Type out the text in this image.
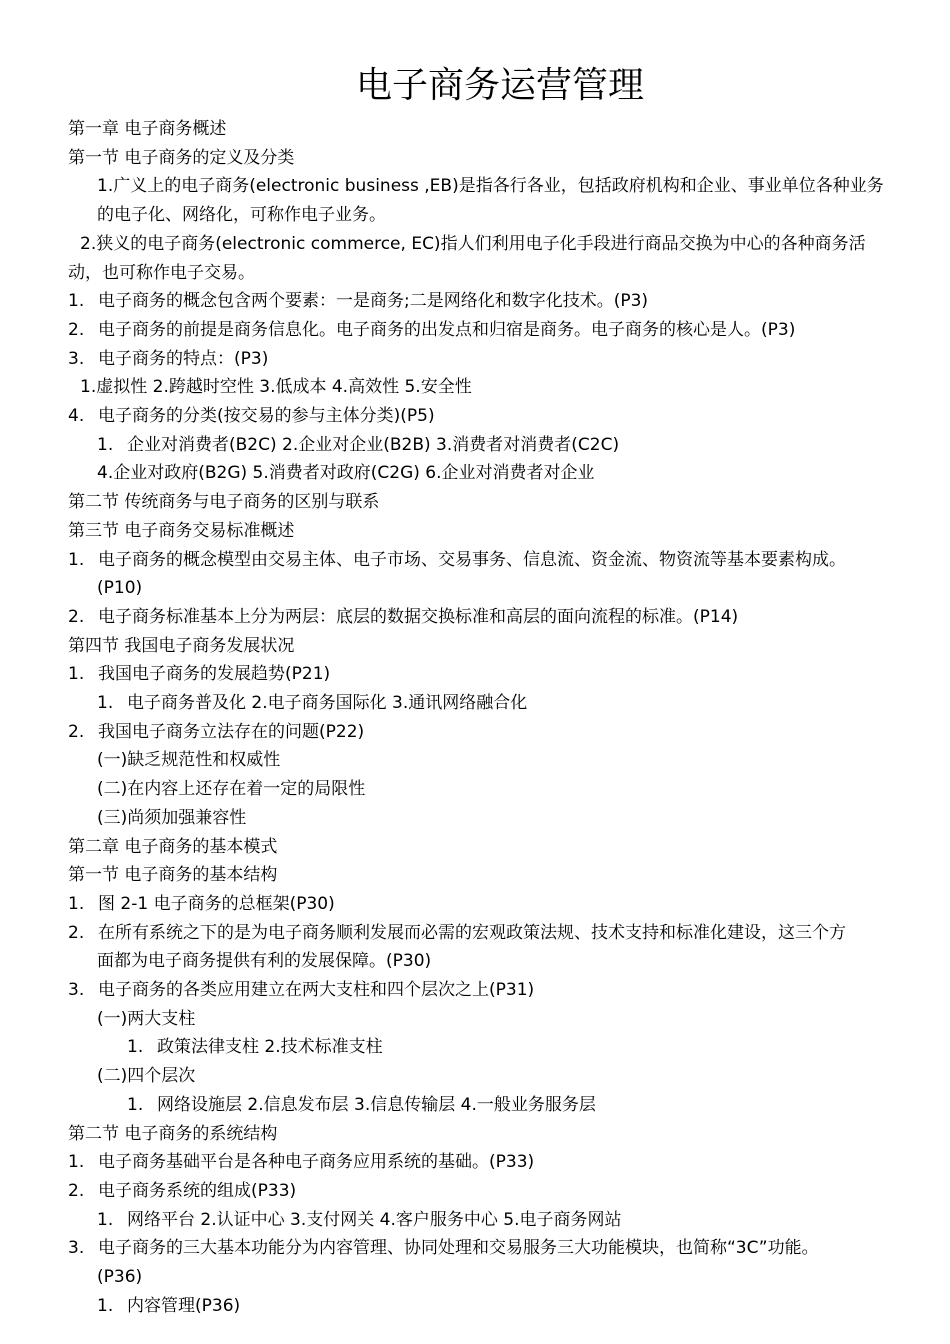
电子商务运营管理
第一章 电子商务概述
第一节 电子商务的定义及分类
1.广义上的电子商务(electronic business ,EB)是指各行各业，包括政府机构和企业、事业单位各种业务
的电子化、网络化，可称作电子业务。
2.狭义的电子商务(electronic commerce, EC)指人们利用电子化手段进行商品交换为中心的各种商务活
动，也可称作电子交易。
1. 电子商务的概念包含两个要素：一是商务;二是网络化和数字化技术。(P3)
2. 电子商务的前提是商务信息化。电子商务的出发点和归宿是商务。电子商务的核心是人。(P3)
3. 电子商务的特点：(P3)
1.虚拟性 2.跨越时空性 3.低成本 4.高效性 5.安全性
4. 电子商务的分类(按交易的参与主体分类)(P5)
1. 企业对消费者(B2C) 2.企业对企业(B2B) 3.消费者对消费者(C2C)
4.企业对政府(B2G) 5.消费者对政府(C2G) 6.企业对消费者对企业
第二节 传统商务与电子商务的区别与联系
第三节 电子商务交易标准概述
1. 电子商务的概念模型由交易主体、电子市场、交易事务、信息流、资金流、物资流等基本要素构成。
(P10)
2. 电子商务标准基本上分为两层：底层的数据交换标准和高层的面向流程的标准。(P14)
第四节 我国电子商务发展状况
1. 我国电子商务的发展趋势(P21)
1. 电子商务普及化 2.电子商务国际化 3.通讯网络融合化
2. 我国电子商务立法存在的问题(P22)
(一)缺乏规范性和权威性
(二)在内容上还存在着一定的局限性
(三)尚须加强兼容性
第二章 电子商务的基本模式
第一节 电子商务的基本结构
1. 图 2-1 电子商务的总框架(P30)
2. 在所有系统之下的是为电子商务顺利发展而必需的宏观政策法规、技术支持和标准化建设，这三个方
面都为电子商务提供有利的发展保障。(P30)
3. 电子商务的各类应用建立在两大支柱和四个层次之上(P31)
(一)两大支柱
1. 政策法律支柱 2.技术标准支柱
(二)四个层次
1. 网络设施层 2.信息发布层 3.信息传输层 4.一般业务服务层
第二节 电子商务的系统结构
1. 电子商务基础平台是各种电子商务应用系统的基础。(P33)
2. 电子商务系统的组成(P33)
1. 网络平台 2.认证中心 3.支付网关 4.客户服务中心 5.电子商务网站
3. 电子商务的三大基本功能分为内容管理、协同处理和交易服务三大功能模块，也简称“3C”功能。
(P36)
1. 内容管理(P36)
